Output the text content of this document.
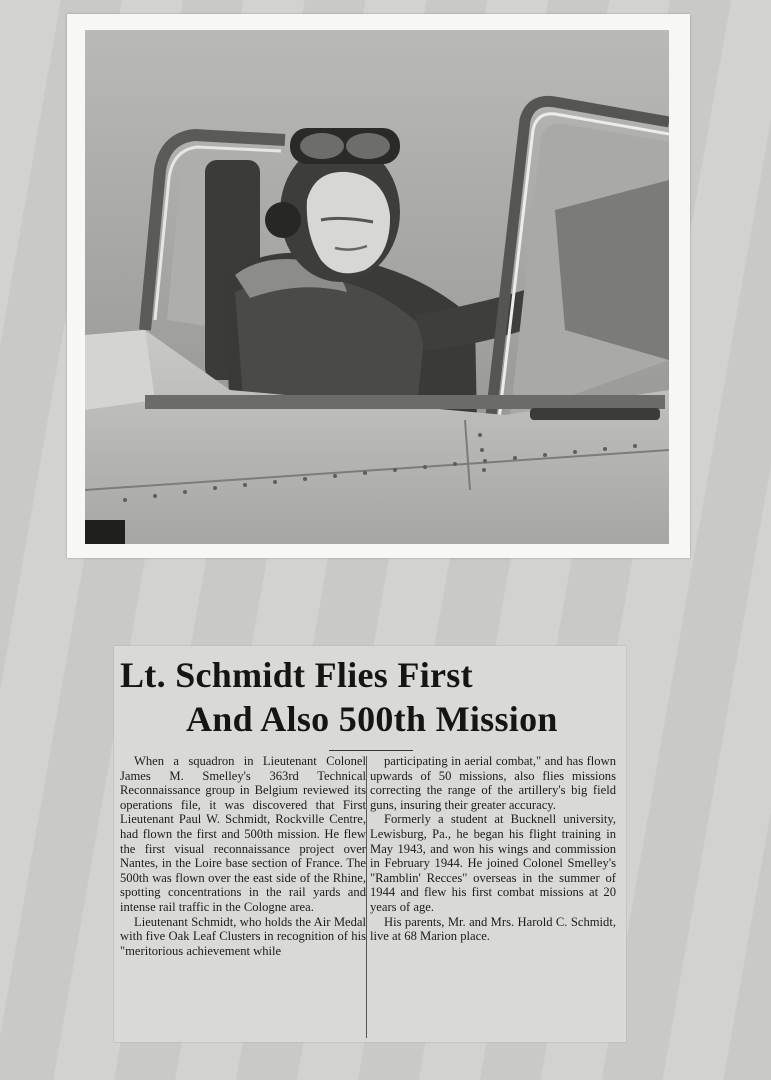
Lt. Schmidt Flies First
And Also 500th Mission

When a squadron in Lieutenant Colonel James M. Smelley's 363rd Technical Reconnaissance group in Belgium reviewed its operations file, it was discovered that First Lieutenant Paul W. Schmidt, Rockville Centre, had flown the first and 500th mission. He flew the first visual reconnaissance project over Nantes, in the Loire base section of France. The 500th was flown over the east side of the Rhine, spotting concentrations in the rail yards and intense rail traffic in the Cologne area.

Lieutenant Schmidt, who holds the Air Medal with five Oak Leaf Clusters in recognition of his "meritorious achievement while

participating in aerial combat," and has flown upwards of 50 missions, also flies missions correcting the range of the artillery's big field guns, insuring their greater accuracy.

Formerly a student at Bucknell university, Lewisburg, Pa., he began his flight training in May 1943, and won his wings and commission in February 1944. He joined Colonel Smelley's "Ramblin' Recces" overseas in the summer of 1944 and flew his first combat missions at 20 years of age.

His parents, Mr. and Mrs. Harold C. Schmidt, live at 68 Marion place.
